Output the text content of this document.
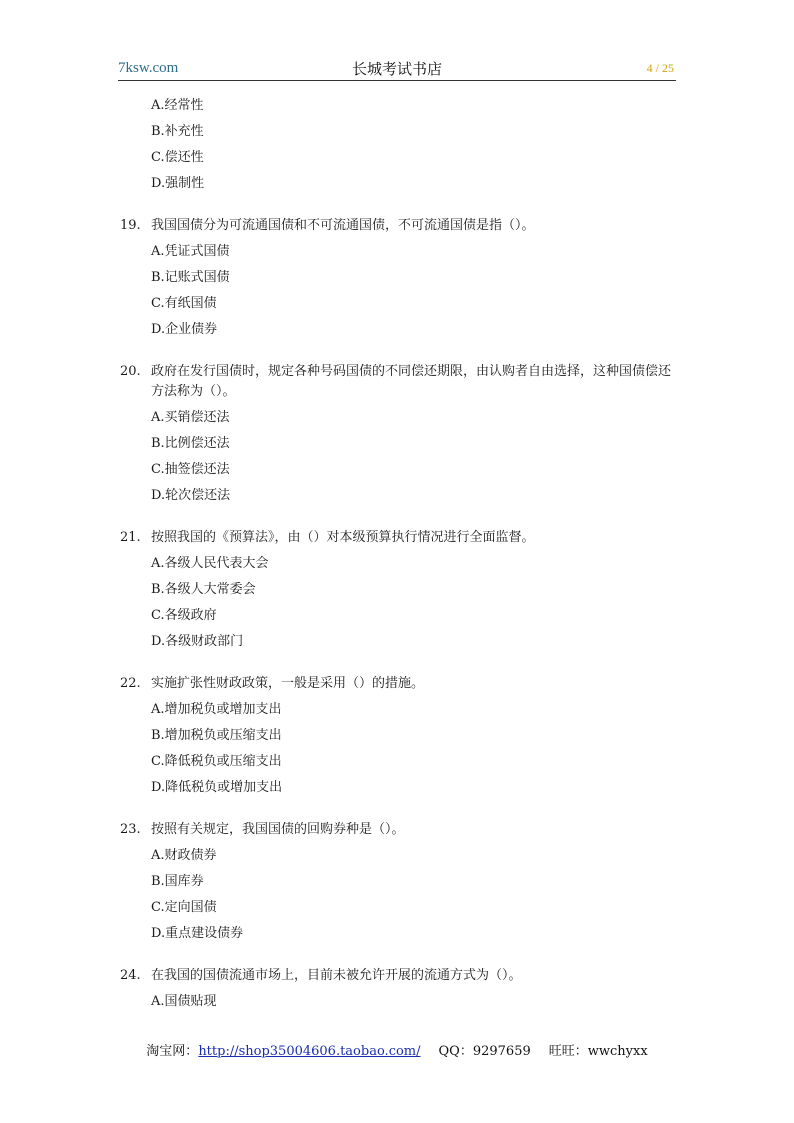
7ksw.com	长城考试书店	4 / 25
A.经常性
B.补充性
C.偿还性
D.强制性
19. 我国国债分为可流通国债和不可流通国债，不可流通国债是指（）。
A.凭证式国债
B.记账式国债
C.有纸国债
D.企业债券
20. 政府在发行国债时，规定各种号码国债的不同偿还期限，由认购者自由选择，这种国债偿还方法称为（）。
A.买销偿还法
B.比例偿还法
C.抽签偿还法
D.轮次偿还法
21. 按照我国的《预算法》，由（）对本级预算执行情况进行全面监督。
A.各级人民代表大会
B.各级人大常委会
C.各级政府
D.各级财政部门
22. 实施扩张性财政政策，一般是采用（）的措施。
A.增加税负或增加支出
B.增加税负或压缩支出
C.降低税负或压缩支出
D.降低税负或增加支出
23. 按照有关规定，我国国债的回购券种是（）。
A.财政债券
B.国库券
C.定向国债
D.重点建设债券
24. 在我国的国债流通市场上，目前未被允许开展的流通方式为（）。
A.国债贴现
淘宝网：http://shop35004606.taobao.com/ QQ：9297659 旺旺：wwchyxx
